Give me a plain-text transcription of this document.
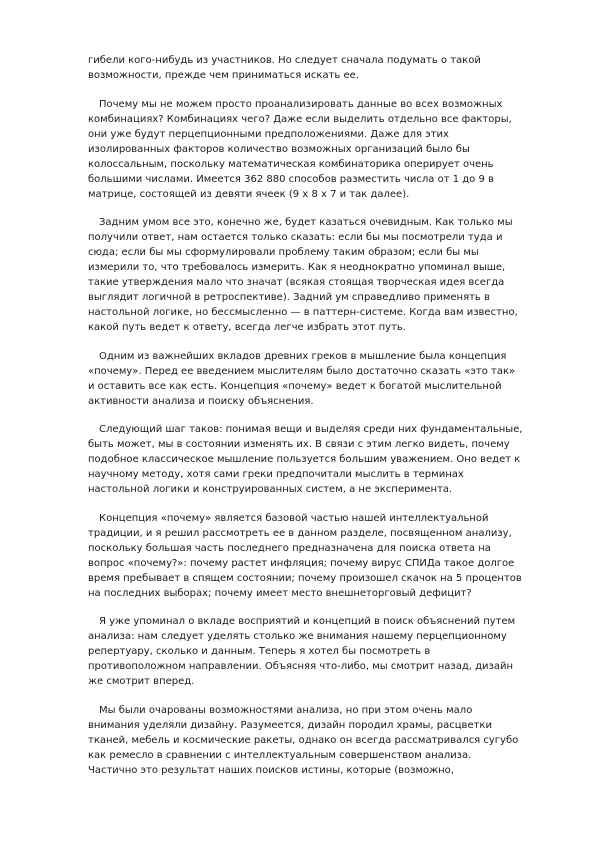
гибели кого-нибудь из участников. Но следует сначала подумать о такой возможности, прежде чем приниматься искать ее.

Почему мы не можем просто проанализировать данные во всех возможных комбинациях? Комбинациях чего? Даже если выделить отдельно все факторы, они уже будут перцепционными предположениями. Даже для этих изолированных факторов количество возможных организаций было бы колоссальным, поскольку математическая комбинаторика оперирует очень большими числами. Имеется 362 880 способов разместить числа от 1 до 9 в матрице, состоящей из девяти ячеек (9 x 8 x 7 и так далее).

Задним умом все это, конечно же, будет казаться очевидным. Как только мы получили ответ, нам остается только сказать: если бы мы посмотрели туда и сюда; если бы мы сформулировали проблему таким образом; если бы мы измерили то, что требовалось измерить. Как я неоднократно упоминал выше, такие утверждения мало что значат (всякая стоящая творческая идея всегда выглядит логичной в ретроспективе). Задний ум справедливо применять в настольной логике, но бессмысленно — в паттерн-системе. Когда вам известно, какой путь ведет к ответу, всегда легче избрать этот путь.

Одним из важнейших вкладов древних греков в мышление была концепция «почему». Перед ее введением мыслителям было достаточно сказать «это так» и оставить все как есть. Концепция «почему» ведет к богатой мыслительной активности анализа и поиску объяснения.

Следующий шаг таков: понимая вещи и выделяя среди них фундаментальные, быть может, мы в состоянии изменять их. В связи с этим легко видеть, почему подобное классическое мышление пользуется большим уважением. Оно ведет к научному методу, хотя сами греки предпочитали мыслить в терминах настольной логики и конструированных систем, а не эксперимента.

Концепция «почему» является базовой частью нашей интеллектуальной традиции, и я решил рассмотреть ее в данном разделе, посвященном анализу, поскольку большая часть последнего предназначена для поиска ответа на вопрос «почему?»: почему растет инфляция; почему вирус СПИДа такое долгое время пребывает в спящем состоянии; почему произошел скачок на 5 процентов на последних выборах; почему имеет место внешнеторговый дефицит?

Я уже упоминал о вкладе восприятий и концепций в поиск объяснений путем анализа: нам следует уделять столько же внимания нашему перцепционному репертуару, сколько и данным. Теперь я хотел бы посмотреть в противоположном направлении. Объясняя что-либо, мы смотрит назад, дизайн же смотрит вперед.

Мы были очарованы возможностями анализа, но при этом очень мало внимания уделяли дизайну. Разумеется, дизайн породил храмы, расцветки тканей, мебель и космические ракеты, однако он всегда рассматривался сугубо как ремесло в сравнении с интеллектуальным совершенством анализа. Частично это результат наших поисков истины, которые (возможно,
